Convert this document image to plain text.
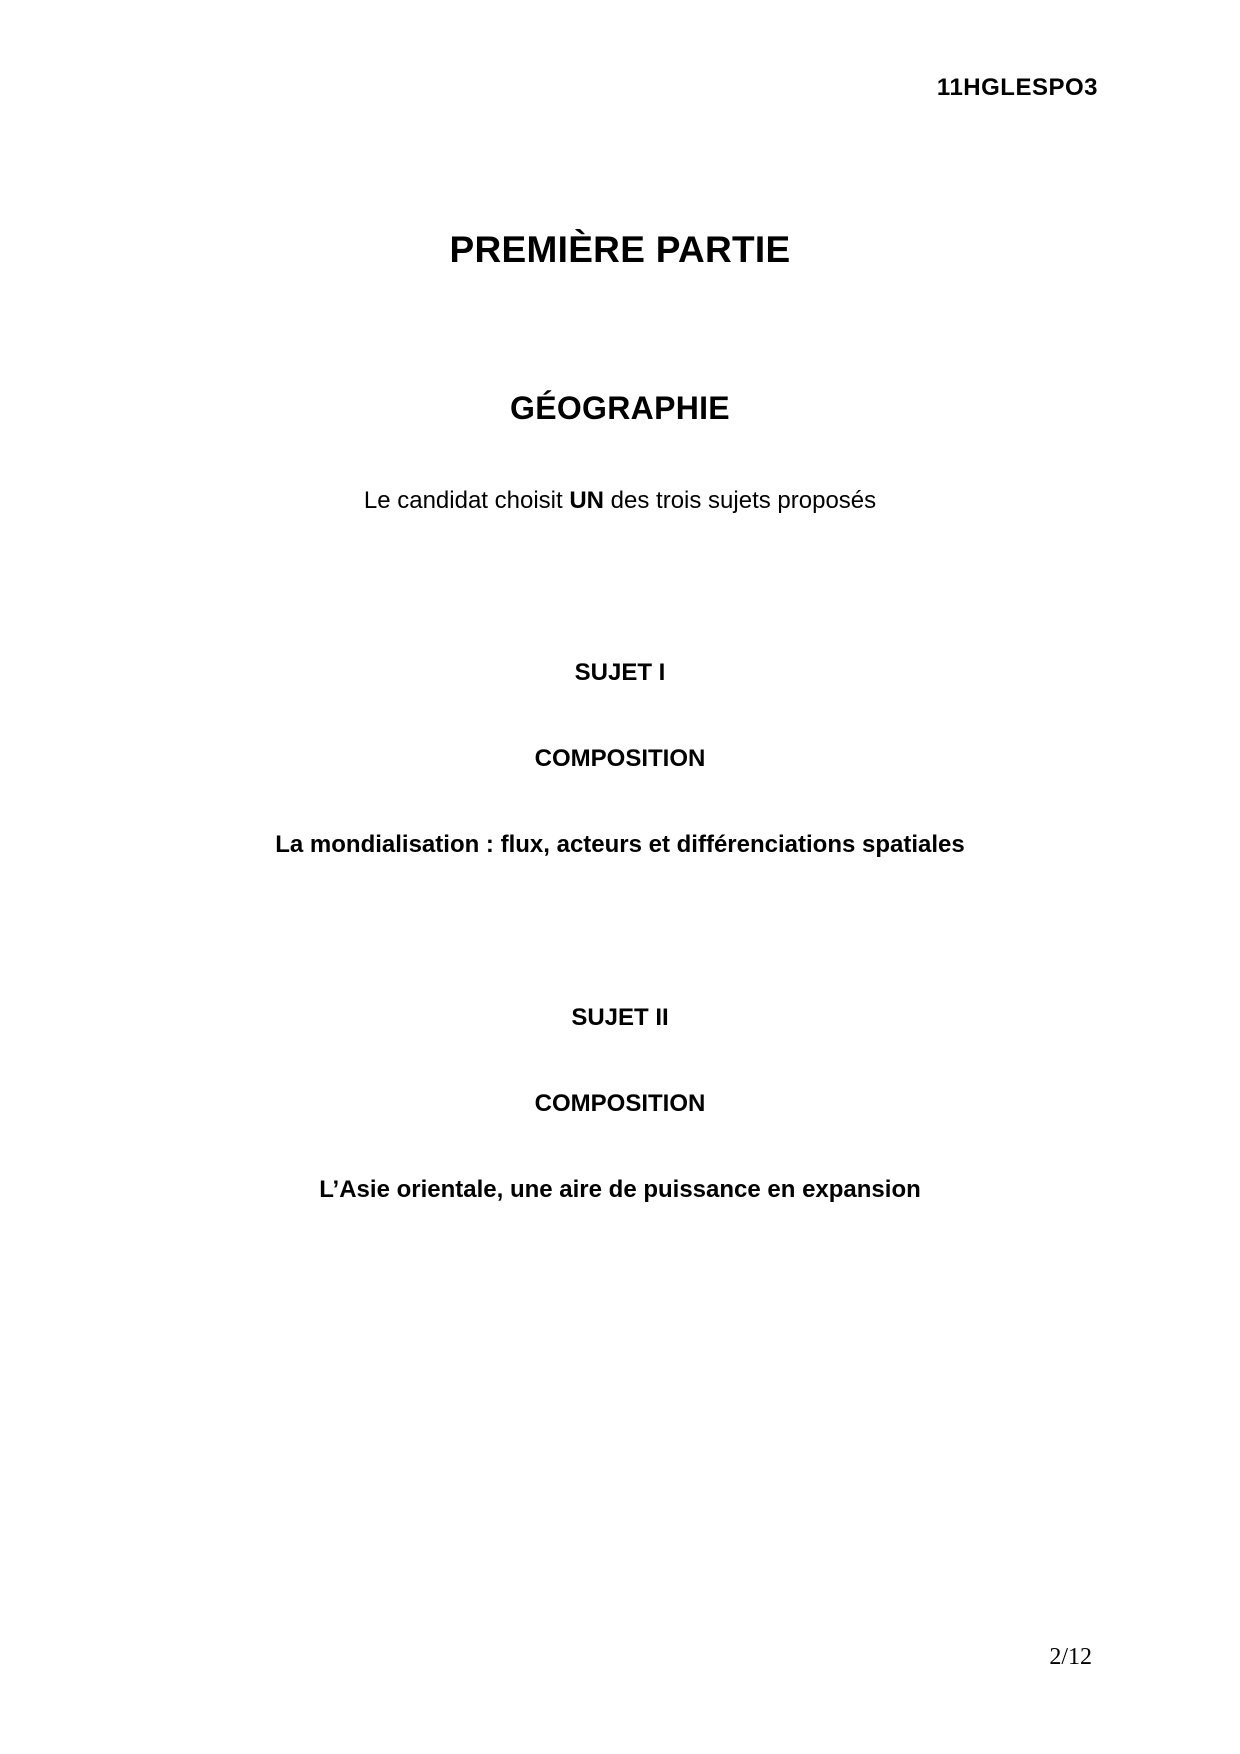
11HGLESPO3
PREMIÈRE PARTIE
GÉOGRAPHIE

Le candidat choisit UN des trois sujets proposés

SUJET I
COMPOSITION
La mondialisation : flux, acteurs et différenciations spatiales
SUJET II
COMPOSITION
L’Asie orientale, une aire de puissance en expansion
2/12
